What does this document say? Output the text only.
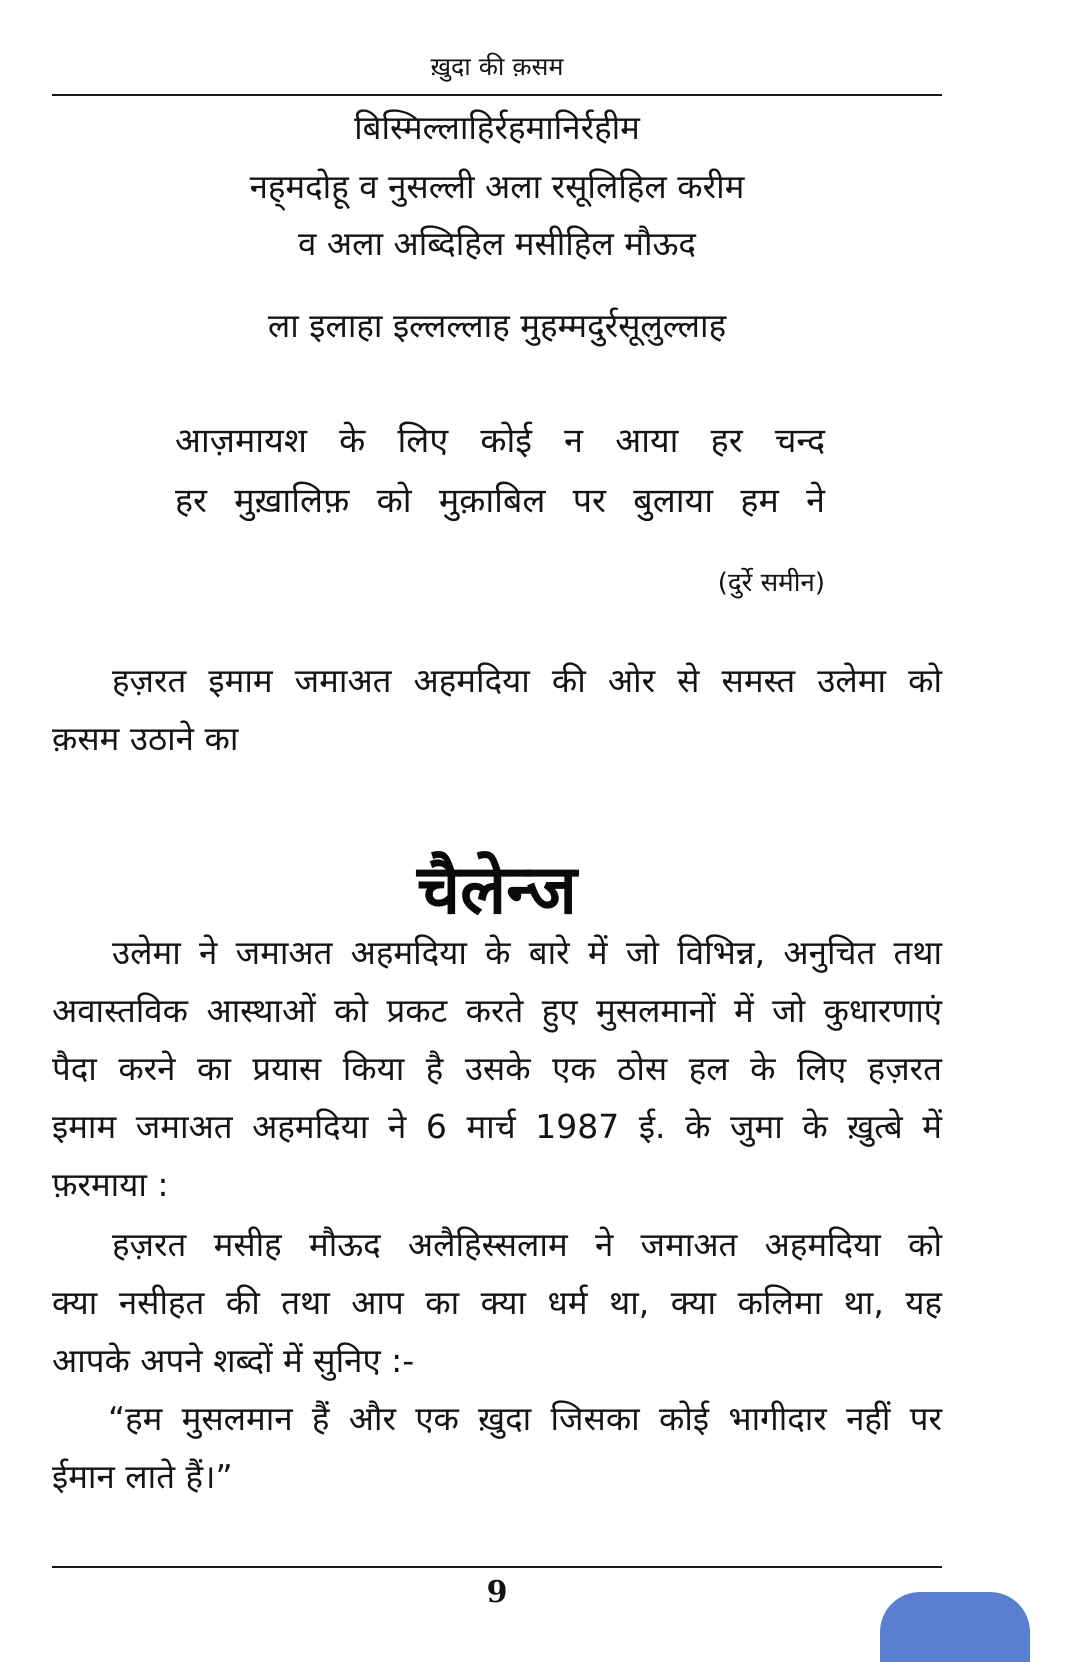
ख़ुदा की क़सम
बिस्मिल्लाहिर्रहमानिर्रहीम
नह्‌मदोहू व नुसल्ली अला रसूलिहिल करीम
व अला अब्दिहिल मसीहिल मौऊद
ला इलाहा इल्लल्लाह मुहम्मदुर्रसूलुल्लाह
आज़मायश के लिए कोई न आया हर चन्द
हर मुख़ालिफ़ को मुक़ाबिल पर बुलाया हम ने
(दुर्रे समीन)
हज़रत इमाम जमाअत अहमदिया की ओर से समस्त उलेमा को
क़सम उठाने का
चैलेन्ज
उलेमा ने जमाअत अहमदिया के बारे में जो विभिन्न, अनुचित तथा
अवास्तविक आस्थाओं को प्रकट करते हुए मुसलमानों में जो कुधारणाएं
पैदा करने का प्रयास किया है उसके एक ठोस हल के लिए हज़रत
इमाम जमाअत अहमदिया ने 6 मार्च 1987 ई. के जुमा के ख़ुत्बे में
फ़रमाया :
हज़रत मसीह मौऊद अलैहिस्सलाम ने जमाअत अहमदिया को
क्या नसीहत की तथा आप का क्या धर्म था, क्या कलिमा था, यह
आपके अपने शब्दों में सुनिए :-
“हम मुसलमान हैं और एक ख़ुदा जिसका कोई भागीदार नहीं पर
ईमान लाते हैं।”
9
